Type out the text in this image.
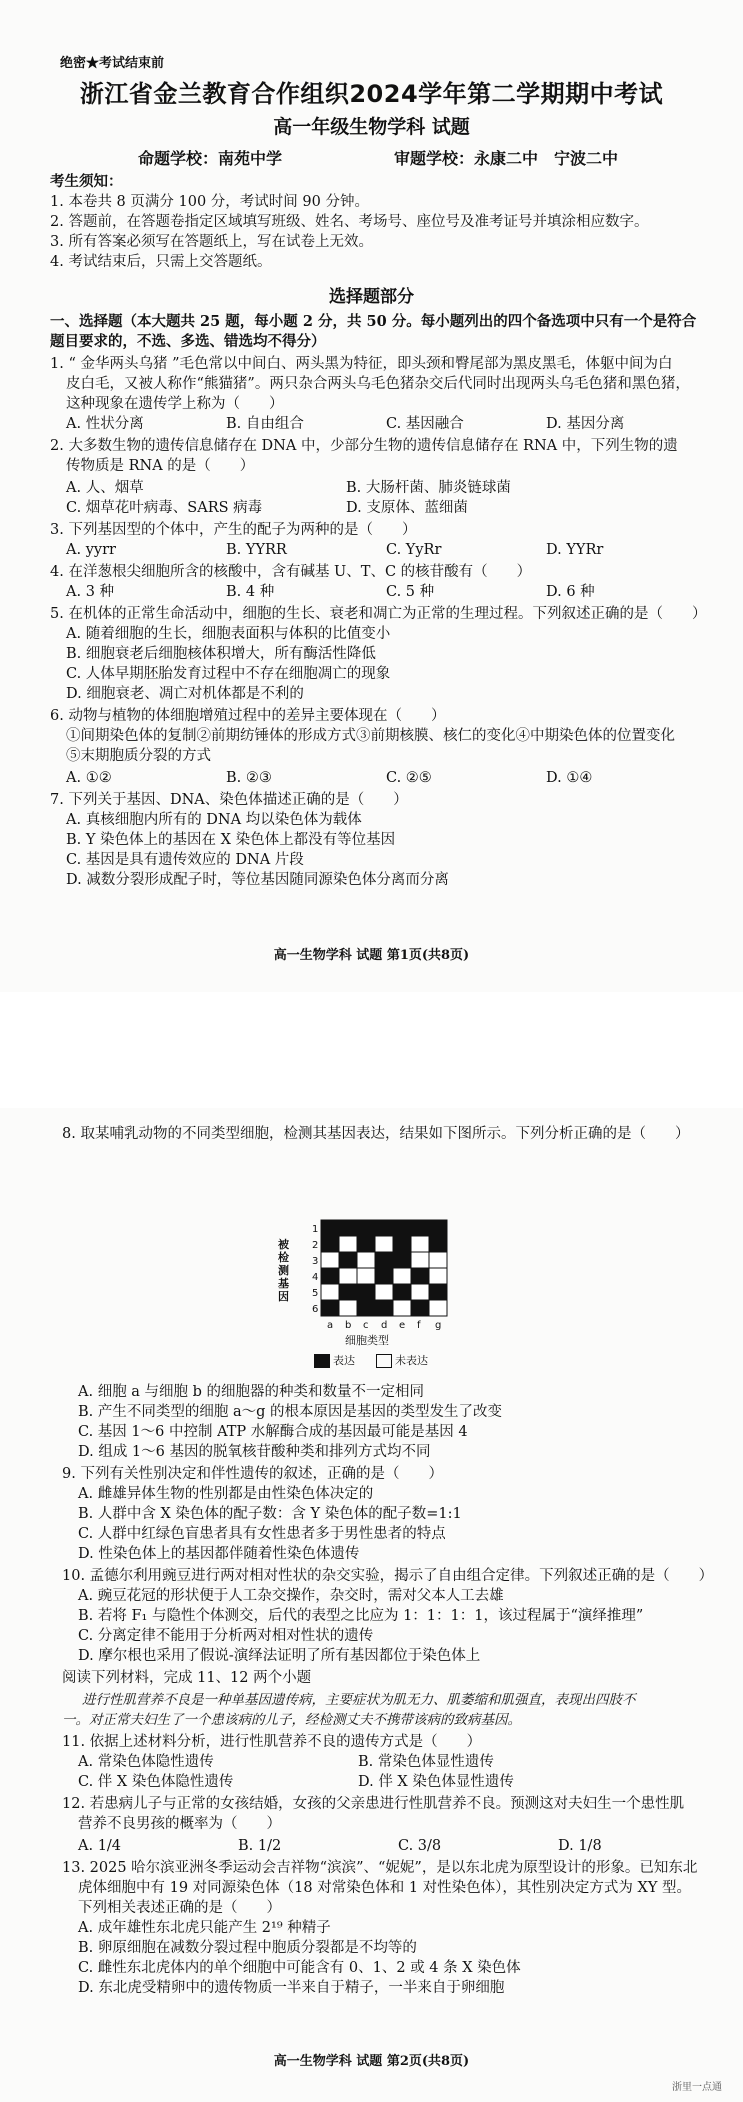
绝密★考试结束前
浙江省金兰教育合作组织2024学年第二学期期中考试
高一年级生物学科 试题
命题学校：南苑中学	审题学校：永康二中　宁波二中
考生须知：
1. 本卷共 8 页满分 100 分，考试时间 90 分钟。
2. 答题前，在答题卷指定区域填写班级、姓名、考场号、座位号及准考证号并填涂相应数字。
3. 所有答案必须写在答题纸上，写在试卷上无效。
4. 考试结束后，只需上交答题纸。
选择题部分
一、选择题（本大题共 25 题，每小题 2 分，共 50 分。每小题列出的四个备选项中只有一个是符合
题目要求的，不选、多选、错选均不得分）
1. “ 金华两头乌猪 ”毛色常以中间白、两头黑为特征，即头颈和臀尾部为黑皮黑毛，体躯中间为白
皮白毛，又被人称作“熊猫猪”。两只杂合两头乌毛色猪杂交后代同时出现两头乌毛色猪和黑色猪，
这种现象在遗传学上称为（　　）
A. 性状分离	B. 自由组合	C. 基因融合	D. 基因分离
2. 大多数生物的遗传信息储存在 DNA 中，少部分生物的遗传信息储存在 RNA 中，下列生物的遗
传物质是 RNA 的是（　　）
A. 人、烟草	B. 大肠杆菌、肺炎链球菌
C. 烟草花叶病毒、SARS 病毒	D. 支原体、蓝细菌
3. 下列基因型的个体中，产生的配子为两种的是（　　）
A. yyrr	B. YYRR	C. YyRr	D. YYRr
4. 在洋葱根尖细胞所含的核酸中，含有碱基 U、T、C 的核苷酸有（　　）
A. 3 种	B. 4 种	C. 5 种	D. 6 种
5. 在机体的正常生命活动中，细胞的生长、衰老和凋亡为正常的生理过程。下列叙述正确的是（　　）
A. 随着细胞的生长，细胞表面积与体积的比值变小
B. 细胞衰老后细胞核体积增大，所有酶活性降低
C. 人体早期胚胎发育过程中不存在细胞凋亡的现象
D. 细胞衰老、凋亡对机体都是不利的
6. 动物与植物的体细胞增殖过程中的差异主要体现在（　　）
①间期染色体的复制②前期纺锤体的形成方式③前期核膜、核仁的变化④中期染色体的位置变化
⑤末期胞质分裂的方式
A. ①②	B. ②③	C. ②⑤	D. ①④
7. 下列关于基因、DNA、染色体描述正确的是（　　）
A. 真核细胞内所有的 DNA 均以染色体为载体
B. Y 染色体上的基因在 X 染色体上都没有等位基因
C. 基因是具有遗传效应的 DNA 片段
D. 减数分裂形成配子时，等位基因随同源染色体分离而分离
高一生物学科 试题 第1页(共8页)
8. 取某哺乳动物的不同类型细胞，检测其基因表达，结果如下图所示。下列分析正确的是（　　）
1
2
3
4
5
6
a b c d e f g
被检测基因
细胞类型
表达	未表达
A. 细胞 a 与细胞 b 的细胞器的种类和数量不一定相同
B. 产生不同类型的细胞 a～g 的根本原因是基因的类型发生了改变
C. 基因 1～6 中控制 ATP 水解酶合成的基因最可能是基因 4
D. 组成 1～6 基因的脱氧核苷酸种类和排列方式均不同
9. 下列有关性别决定和伴性遗传的叙述，正确的是（　　）
A. 雌雄异体生物的性别都是由性染色体决定的
B. 人群中含 X 染色体的配子数：含 Y 染色体的配子数=1:1
C. 人群中红绿色盲患者具有女性患者多于男性患者的特点
D. 性染色体上的基因都伴随着性染色体遗传
10. 孟德尔利用豌豆进行两对相对性状的杂交实验，揭示了自由组合定律。下列叙述正确的是（　　）
A. 豌豆花冠的形状便于人工杂交操作，杂交时，需对父本人工去雄
B. 若将 F₁ 与隐性个体测交，后代的表型之比应为 1：1：1：1，该过程属于“演绎推理”
C. 分离定律不能用于分析两对相对性状的遗传
D. 摩尔根也采用了假说-演绎法证明了所有基因都位于染色体上
阅读下列材料，完成 11、12 两个小题
进行性肌营养不良是一种单基因遗传病，主要症状为肌无力、肌萎缩和肌强直，表现出四肢不
一。对正常夫妇生了一个患该病的儿子，经检测丈夫不携带该病的致病基因。
11. 依据上述材料分析，进行性肌营养不良的遗传方式是（　　）
A. 常染色体隐性遗传	B. 常染色体显性遗传
C. 伴 X 染色体隐性遗传	D. 伴 X 染色体显性遗传
12. 若患病儿子与正常的女孩结婚，女孩的父亲患进行性肌营养不良。预测这对夫妇生一个患性肌
营养不良男孩的概率为（　　）
A. 1/4	B. 1/2	C. 3/8	D. 1/8
13. 2025 哈尔滨亚洲冬季运动会吉祥物“滨滨”、“妮妮”，是以东北虎为原型设计的形象。已知东北
虎体细胞中有 19 对同源染色体（18 对常染色体和 1 对性染色体），其性别决定方式为 XY 型。
下列相关表述正确的是（　　）
A. 成年雄性东北虎只能产生 2¹⁹ 种精子
B. 卵原细胞在减数分裂过程中胞质分裂都是不均等的
C. 雌性东北虎体内的单个细胞中可能含有 0、1、2 或 4 条 X 染色体
D. 东北虎受精卵中的遗传物质一半来自于精子，一半来自于卵细胞
高一生物学科 试题 第2页(共8页)
浙里一点通
